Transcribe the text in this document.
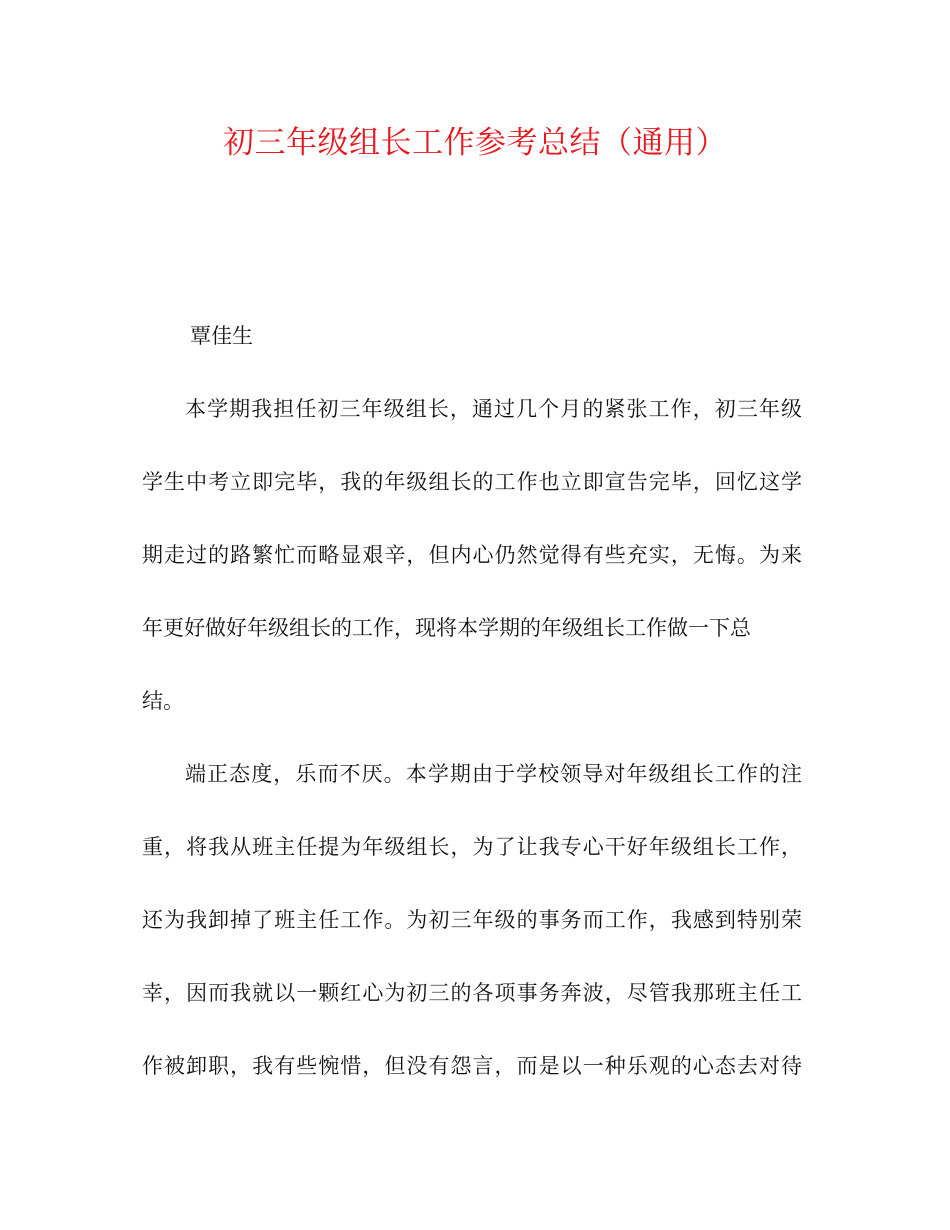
初三年级组长工作参考总结（通用）

覃佳生

本学期我担任初三年级组长，通过几个月的紧张工作，初三年级

学生中考立即完毕，我的年级组长的工作也立即宣告完毕，回忆这学

期走过的路繁忙而略显艰辛，但内心仍然觉得有些充实，无悔。为来

年更好做好年级组长的工作，现将本学期的年级组长工作做一下总

结。

端正态度，乐而不厌。本学期由于学校领导对年级组长工作的注

重，将我从班主任提为年级组长，为了让我专心干好年级组长工作，

还为我卸掉了班主任工作。为初三年级的事务而工作，我感到特别荣

幸，因而我就以一颗红心为初三的各项事务奔波，尽管我那班主任工

作被卸职，我有些惋惜，但没有怨言，而是以一种乐观的心态去对待
